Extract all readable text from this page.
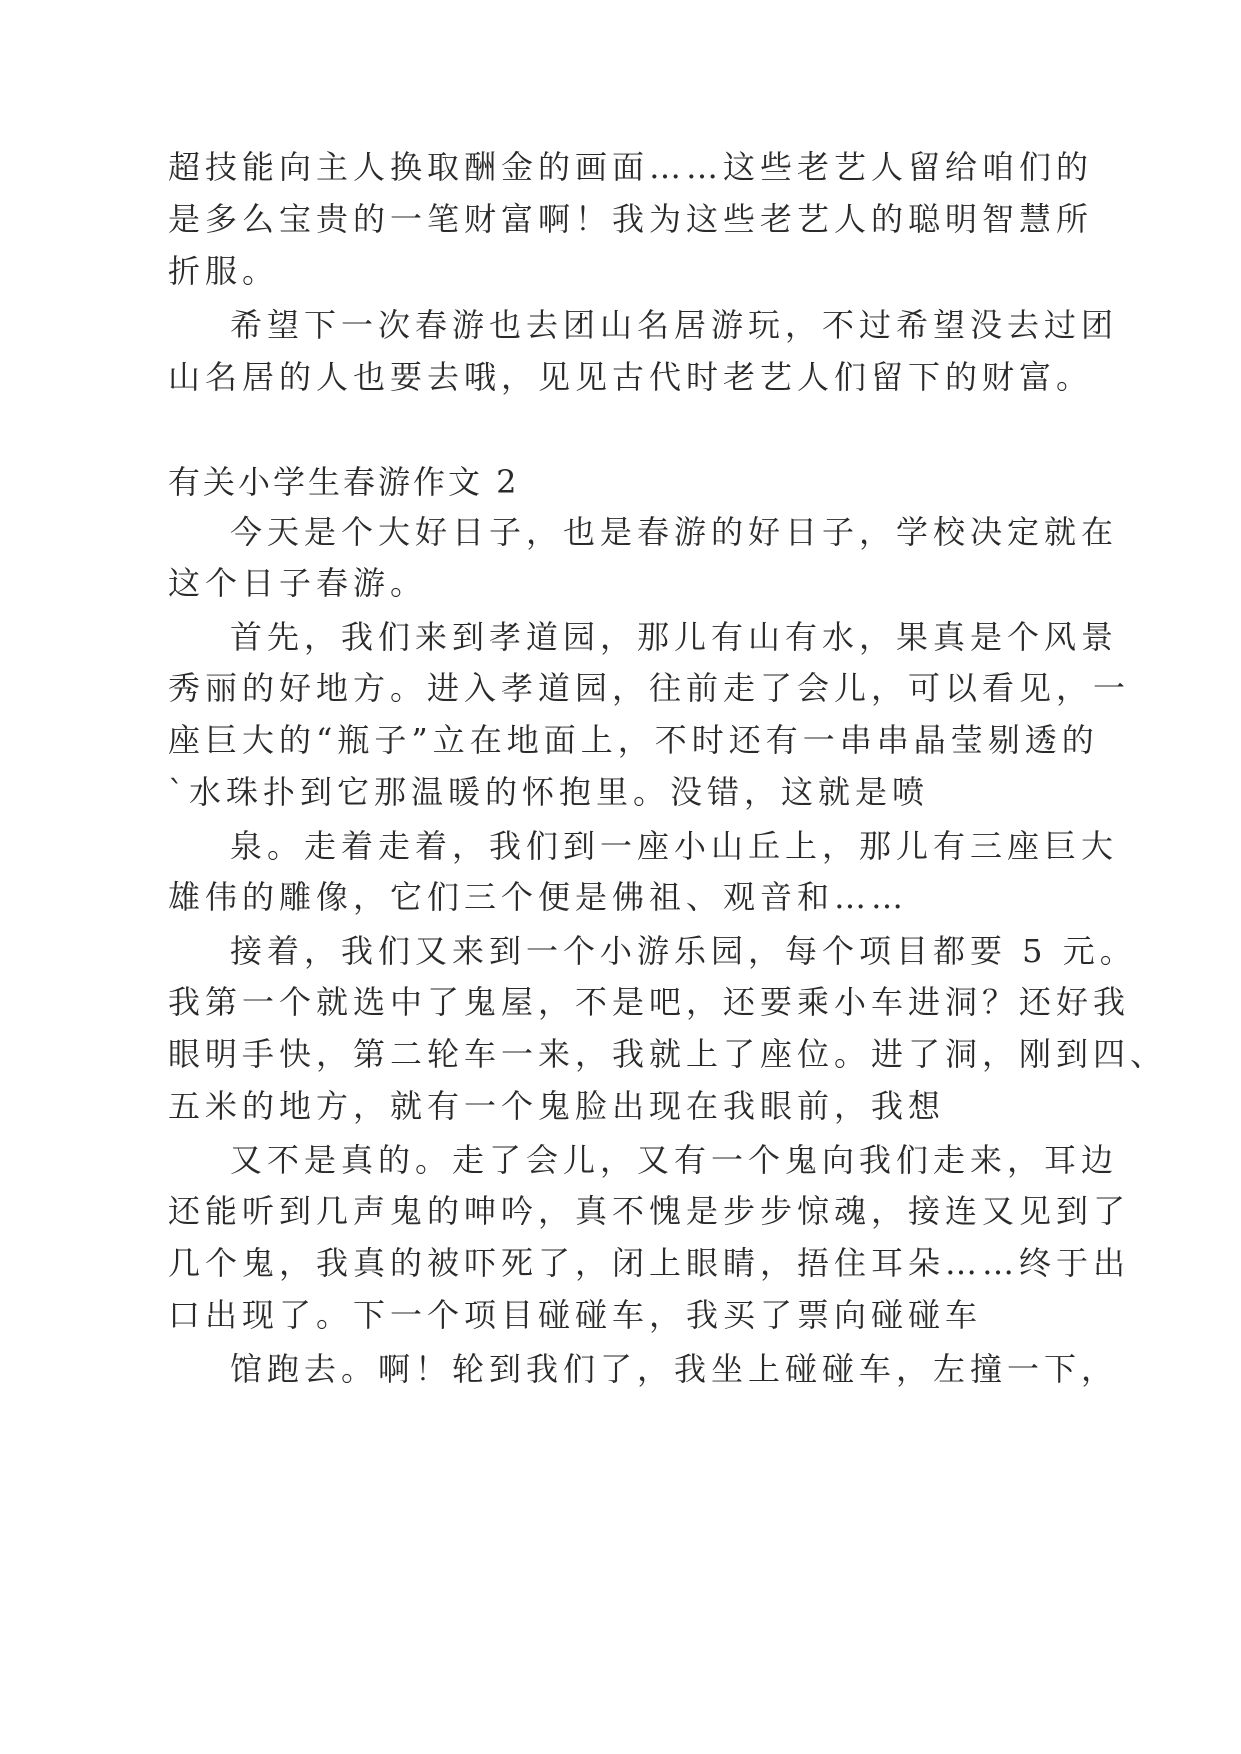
超技能向主人换取酬金的画面……这些老艺人留给咱们的
是多么宝贵的一笔财富啊！我为这些老艺人的聪明智慧所
折服。
希望下一次春游也去团山名居游玩，不过希望没去过团
山名居的人也要去哦，见见古代时老艺人们留下的财富。
有关小学生春游作文 2
今天是个大好日子，也是春游的好日子，学校决定就在
这个日子春游。
首先，我们来到孝道园，那儿有山有水，果真是个风景
秀丽的好地方。进入孝道园，往前走了会儿，可以看见，一
座巨大的“瓶子”立在地面上，不时还有一串串晶莹剔透的
`水珠扑到它那温暖的怀抱里。没错，这就是喷
泉。走着走着，我们到一座小山丘上，那儿有三座巨大
雄伟的雕像，它们三个便是佛祖、观音和……
接着，我们又来到一个小游乐园，每个项目都要 5 元。
我第一个就选中了鬼屋，不是吧，还要乘小车进洞？还好我
眼明手快，第二轮车一来，我就上了座位。进了洞，刚到四、
五米的地方，就有一个鬼脸出现在我眼前，我想
又不是真的。走了会儿，又有一个鬼向我们走来，耳边
还能听到几声鬼的呻吟，真不愧是步步惊魂，接连又见到了
几个鬼，我真的被吓死了，闭上眼睛，捂住耳朵……终于出
口出现了。下一个项目碰碰车，我买了票向碰碰车
馆跑去。啊！轮到我们了，我坐上碰碰车，左撞一下，
